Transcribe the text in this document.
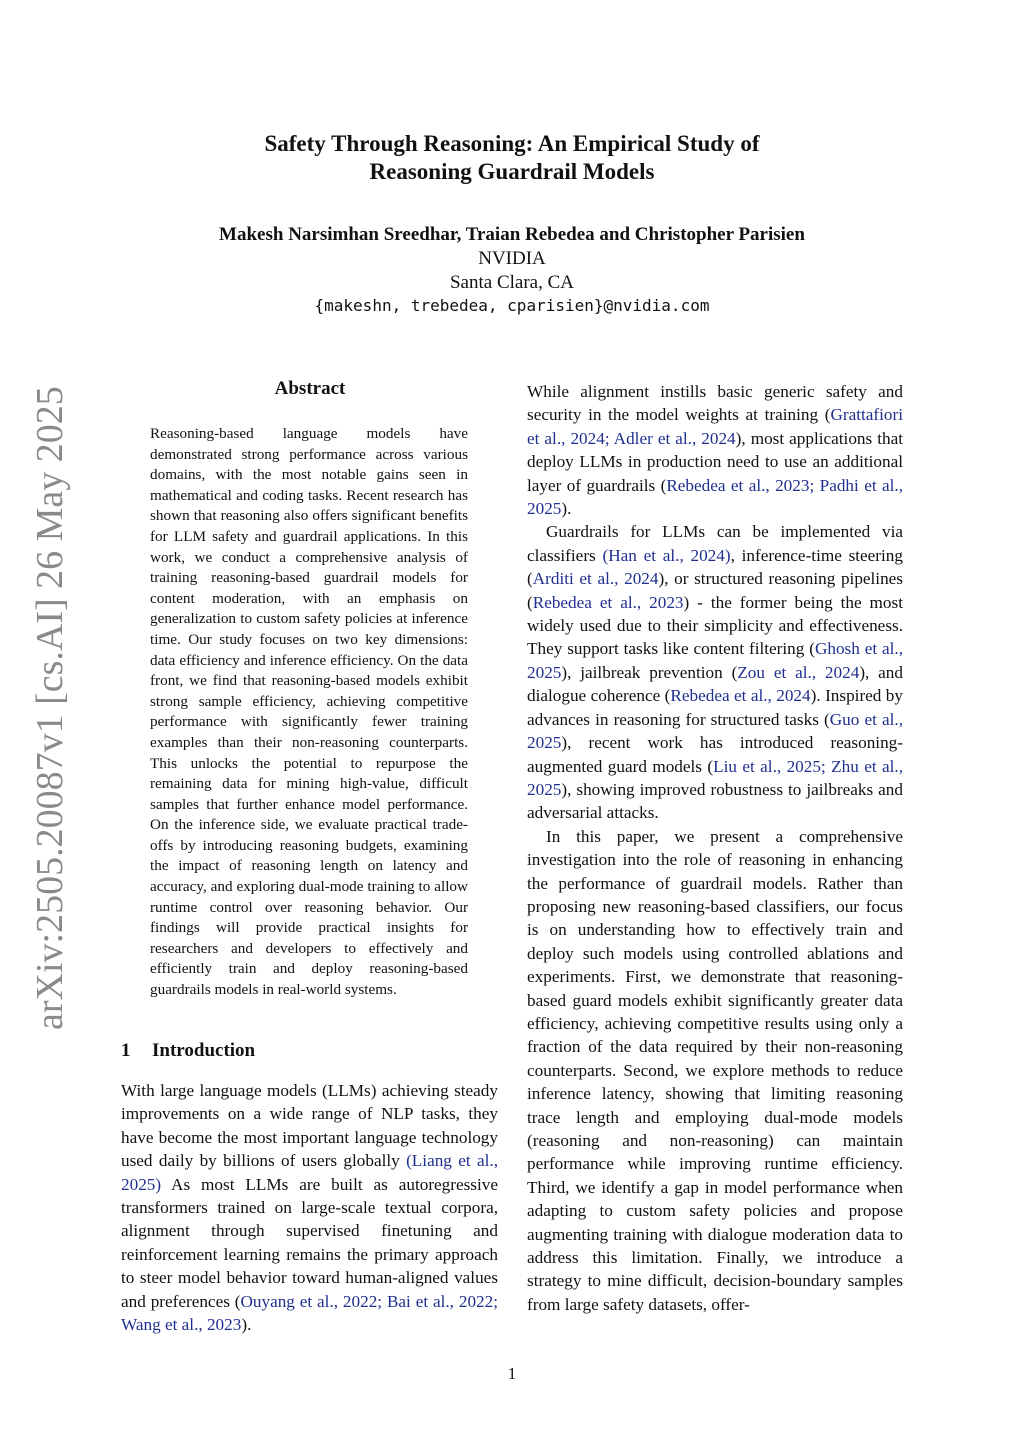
arXiv:2505.20087v1 [cs.AI] 26 May 2025
Safety Through Reasoning: An Empirical Study of
Reasoning Guardrail Models
Makesh Narsimhan Sreedhar, Traian Rebedea and Christopher Parisien
NVIDIA
Santa Clara, CA
{makeshn, trebedea, cparisien}@nvidia.com
Abstract
Reasoning-based language models have demonstrated strong performance across various domains, with the most notable gains seen in mathematical and coding tasks. Recent research has shown that reasoning also offers significant benefits for LLM safety and guardrail applications. In this work, we conduct a comprehensive analysis of training reasoning-based guardrail models for content moderation, with an emphasis on generalization to custom safety policies at inference time. Our study focuses on two key dimensions: data efficiency and inference efficiency. On the data front, we find that reasoning-based models exhibit strong sample efficiency, achieving competitive performance with significantly fewer training examples than their non-reasoning counterparts. This unlocks the potential to repurpose the remaining data for mining high-value, difficult samples that further enhance model performance. On the inference side, we evaluate practical trade-offs by introducing reasoning budgets, examining the impact of reasoning length on latency and accuracy, and exploring dual-mode training to allow runtime control over reasoning behavior. Our findings will provide practical insights for researchers and developers to effectively and efficiently train and deploy reasoning-based guardrails models in real-world systems.
1 Introduction

With large language models (LLMs) achieving steady improvements on a wide range of NLP tasks, they have become the most important language technology used daily by billions of users globally (Liang et al., 2025) As most LLMs are built as autoregressive transformers trained on large-scale textual corpora, alignment through supervised finetuning and reinforcement learning remains the primary approach to steer model behavior toward human-aligned values and preferences (Ouyang et al., 2022; Bai et al., 2022; Wang et al., 2023).

While alignment instills basic generic safety and security in the model weights at training (Grattafiori et al., 2024; Adler et al., 2024), most applications that deploy LLMs in production need to use an additional layer of guardrails (Rebedea et al., 2023; Padhi et al., 2025).

Guardrails for LLMs can be implemented via classifiers (Han et al., 2024), inference-time steering (Arditi et al., 2024), or structured reasoning pipelines (Rebedea et al., 2023) - the former being the most widely used due to their simplicity and effectiveness. They support tasks like content filtering (Ghosh et al., 2025), jailbreak prevention (Zou et al., 2024), and dialogue coherence (Rebedea et al., 2024). Inspired by advances in reasoning for structured tasks (Guo et al., 2025), recent work has introduced reasoning-augmented guard models (Liu et al., 2025; Zhu et al., 2025), showing improved robustness to jailbreaks and adversarial attacks.

In this paper, we present a comprehensive investigation into the role of reasoning in enhancing the performance of guardrail models. Rather than proposing new reasoning-based classifiers, our focus is on understanding how to effectively train and deploy such models using controlled ablations and experiments. First, we demonstrate that reasoning-based guard models exhibit significantly greater data efficiency, achieving competitive results using only a fraction of the data required by their non-reasoning counterparts. Second, we explore methods to reduce inference latency, showing that limiting reasoning trace length and employing dual-mode models (reasoning and non-reasoning) can maintain performance while improving runtime efficiency. Third, we identify a gap in model performance when adapting to custom safety policies and propose augmenting training with dialogue moderation data to address this limitation. Finally, we introduce a strategy to mine difficult, decision-boundary samples from large safety datasets, offer-

1
